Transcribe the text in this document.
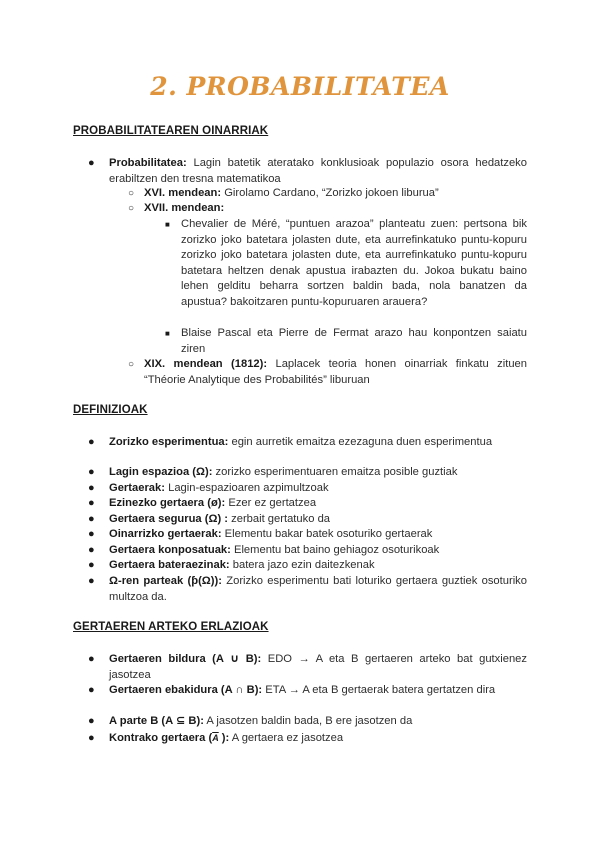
2. PROBABILITATEA
PROBABILITATEAREN OINARRIAK
● Probabilitatea: Lagin batetik ateratako konklusioak populazio osora hedatzeko erabiltzen den tresna matematikoa
○ XVI. mendean: Girolamo Cardano, “Zorizko jokoen liburua”
○ XVII. mendean:
■ Chevalier de Méré, “puntuen arazoa” planteatu zuen: pertsona bik zorizko joko batetara jolasten dute, eta aurrefinkatuko puntu-kopuru zorizko joko batetara jolasten dute, eta aurrefinkatuko puntu-kopuru batetara heltzen denak apustua irabazten du. Jokoa bukatu baino lehen gelditu beharra sortzen baldin bada, nola banatzen da apustua? bakoitzaren puntu-kopuruaren arauera?
■ Blaise Pascal eta Pierre de Fermat arazo hau konpontzen saiatu ziren
○ XIX. mendean (1812): Laplacek teoria honen oinarriak finkatu zituen “Théorie Analytique des Probabilités” liburuan
DEFINIZIOAK
● Zorizko esperimentua: egin aurretik emaitza ezezaguna duen esperimentua
● Lagin espazioa (Ω): zorizko esperimentuaren emaitza posible guztiak
● Gertaerak: Lagin-espazioaren azpimultzoak
● Ezinezko gertaera (ø): Ezer ez gertatzea
● Gertaera segurua (Ω) : zerbait gertatuko da
● Oinarrizko gertaerak: Elementu bakar batek osoturiko gertaerak
● Gertaera konposatuak: Elementu bat baino gehiagoz osoturikoak
● Gertaera bateraezinak: batera jazo ezin daitezkenak
● Ω-ren parteak (ƥ(Ω)): Zorizko esperimentu bati loturiko gertaera guztiek osoturiko multzoa da.
GERTAEREN ARTEKO ERLAZIOAK
● Gertaeren bildura (A ∪ B): EDO → A eta B gertaeren arteko bat gutxienez jasotzea
● Gertaeren ebakidura (A ∩ B): ETA → A eta B gertaerak batera gertatzen dira
● A parte B (A ⊆ B): A jasotzen baldin bada, B ere jasotzen da
● Kontrako gertaera ($\overline{A}$ ): A gertaera ez jasotzea
